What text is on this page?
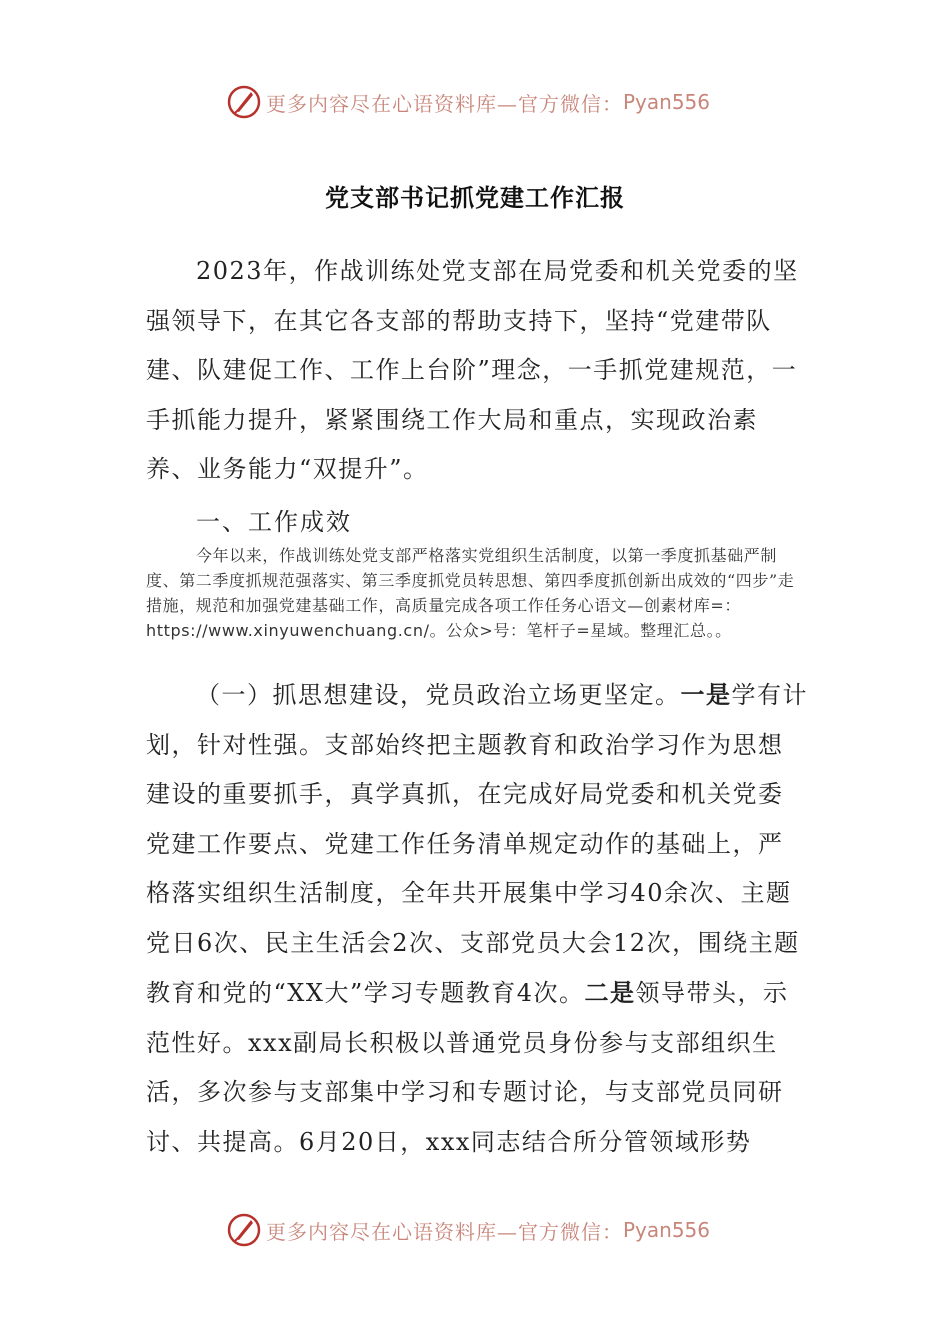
更多内容尽在心语资料库—官方微信： Pyan556
党支部书记抓党建工作汇报
2023年，作战训练处党支部在局党委和机关党委的坚强领导下，在其它各支部的帮助支持下，坚持“党建带队建、队建促工作、工作上台阶”理念，一手抓党建规范，一手抓能力提升，紧紧围绕工作大局和重点，实现政治素养、业务能力“双提升”。
一、工作成效
今年以来，作战训练处党支部严格落实党组织生活制度，以第一季度抓基础严制度、第二季度抓规范强落实、第三季度抓党员转思想、第四季度抓创新出成效的“四步”走措施，规范和加强党建基础工作，高质量完成各项工作任务心语文—创素材库=：https://www.xinyuwenchuang.cn/。公众>号：笔杆子=星域。整理汇总。。
（一）抓思想建设，党员政治立场更坚定。一是学有计划，针对性强。支部始终把主题教育和政治学习作为思想建设的重要抓手，真学真抓，在完成好局党委和机关党委党建工作要点、党建工作任务清单规定动作的基础上，严格落实组织生活制度，全年共开展集中学习40余次、主题党日6次、民主生活会2次、支部党员大会12次，围绕主题教育和党的“XX大”学习专题教育4次。二是领导带头，示范性好。xxx副局长积极以普通党员身份参与支部组织生活，多次参与支部集中学习和专题讨论，与支部党员同研讨、共提高。6月20日，xxx同志结合所分管领域形势
更多内容尽在心语资料库—官方微信： Pyan556
